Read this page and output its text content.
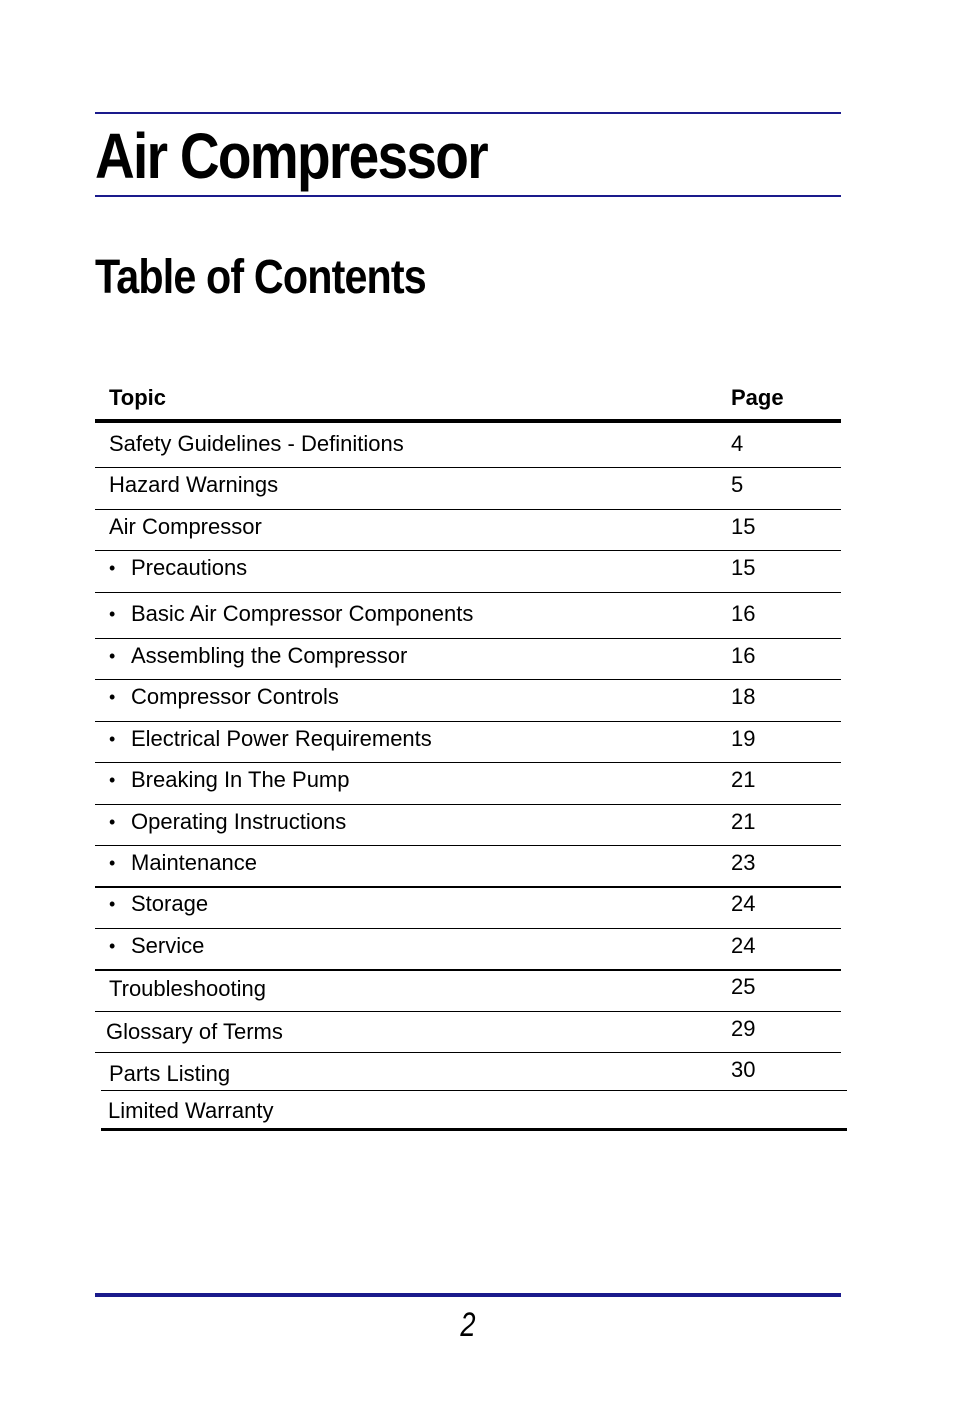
Air Compressor
Table of Contents
Topic	Page
Safety Guidelines - Definitions	4
Hazard Warnings	5
Air Compressor	15
• Precautions	15
• Basic Air Compressor Components	16
• Assembling the Compressor	16
• Compressor Controls	18
• Electrical Power Requirements	19
• Breaking In The Pump	21
• Operating Instructions	21
• Maintenance	23
• Storage	24
• Service	24
Troubleshooting	25
Glossary of Terms	29
Parts Listing	30
Limited Warranty
2
